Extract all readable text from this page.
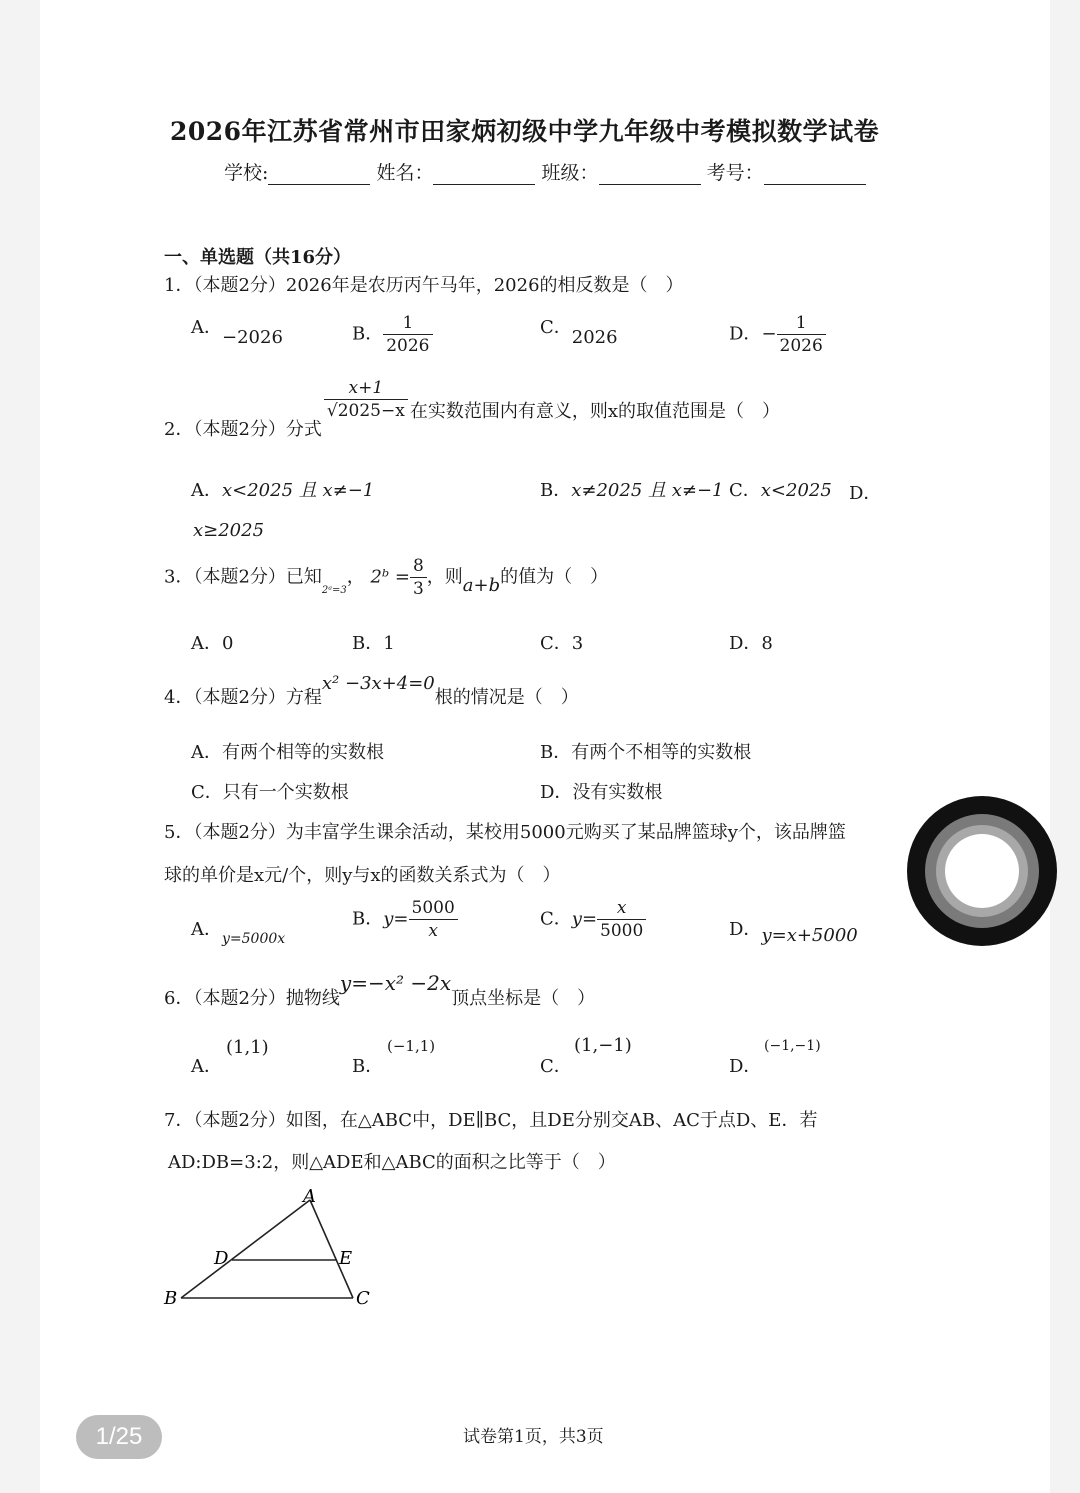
2026年江苏省常州市田家炳初级中学九年级中考模拟数学试卷
学校:	姓名：	班级：	考号：
一、单选题（共16分）
1．（本题2分）2026年是农历丙午马年，2026的相反数是（　）
A．−2026	B． $\frac{1}{2026}$	C．2026	D．− $\frac{1}{2026}$
2．（本题2分）分式
$\frac{x+1}{√2025-x}$ 在实数范围内有意义，则x的取值范围是（　）
A．x<2025 且 x≠−1	B．x≠2025 且 x≠−1 C．x<2025 D．
x≥2025
3．（本题2分）已知$_{2ᵃ=3}$， 2ᵇ = $\frac{8}{3}$ ，则a+b的值为（　）
A．0	B．1	C．3	D．8
4．（本题2分）方程x² −3x+4=0根的情况是（　）
A．有两个相等的实数根	B．有两个不相等的实数根
C．只有一个实数根	D．没有实数根
5．（本题2分）为丰富学生课余活动，某校用5000元购买了某品牌篮球y个，该品牌篮
球的单价是x元/个，则y与x的函数关系式为（　）
A．$_{y=5000x}$
B．$y= \frac{5000}{x}$	C．$y= \frac{x}{5000}$	D．y=x+5000
6．（本题2分）抛物线y=−x² −2x顶点坐标是（　）
A．
(1,1)
B．
(−1,1)
C．
(1,−1)
D．
(−1,−1)
7．（本题2分）如图，在△ABC中，DE∥BC，且DE分别交AB、AC于点D、E．若
AD:DB=3:2，则△ADE和△ABC的面积之比等于（　）
A
B	C
D	E
1/25	试卷第1页，共3页
